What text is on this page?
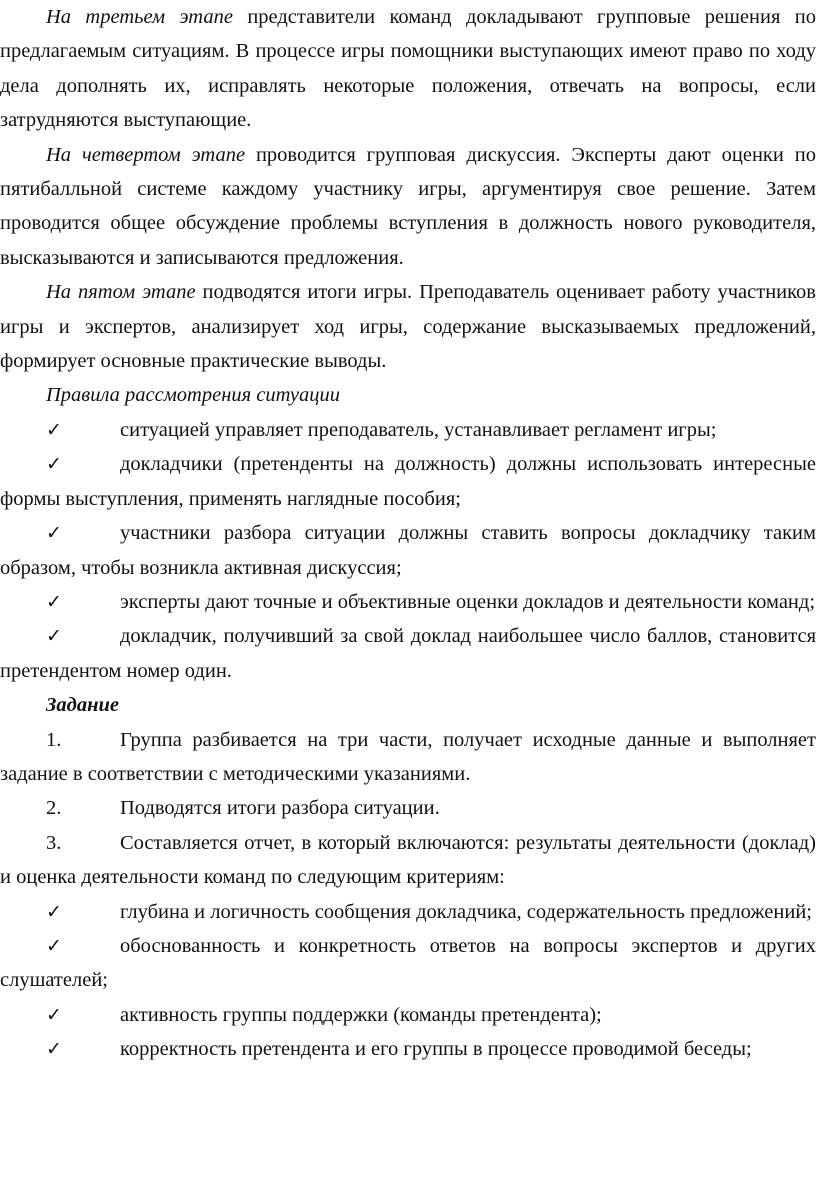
На третьем этапе представители команд докладывают групповые решения по предлагаемым ситуациям. В процессе игры помощники выступающих имеют право по ходу дела дополнять их, исправлять некоторые положения, отвечать на вопросы, если затрудняются выступающие.

На четвертом этапе проводится групповая дискуссия. Эксперты дают оценки по пятибалльной системе каждому участнику игры, аргументируя свое решение. Затем проводится общее обсуждение проблемы вступления в должность нового руководителя, высказываются и записываются предложения.

На пятом этапе подводятся итоги игры. Преподаватель оценивает работу участников игры и экспертов, анализирует ход игры, содержание высказываемых предложений, формирует основные практические выводы.

Правила рассмотрения ситуации

✓	ситуацией управляет преподаватель, устанавливает регламент игры;

✓	докладчики (претенденты на должность) должны использовать интересные формы выступления, применять наглядные пособия;

✓	участники разбора ситуации должны ставить вопросы докладчику таким образом, чтобы возникла активная дискуссия;

✓	эксперты дают точные и объективные оценки докладов и деятельности команд;

✓	докладчик, получивший за свой доклад наибольшее число баллов, становится претендентом номер один.

Задание

1.	Группа разбивается на три части, получает исходные данные и выполняет задание в соответствии с методическими указаниями.

2.	Подводятся итоги разбора ситуации.

3.	Составляется отчет, в который включаются: результаты деятельности (доклад) и оценка деятельности команд по следующим критериям:

✓	глубина и логичность сообщения докладчика, содержательность предложений;

✓	обоснованность и конкретность ответов на вопросы экспертов и других слушателей;

✓	активность группы поддержки (команды претендента);

✓	корректность претендента и его группы в процессе проводимой беседы;
